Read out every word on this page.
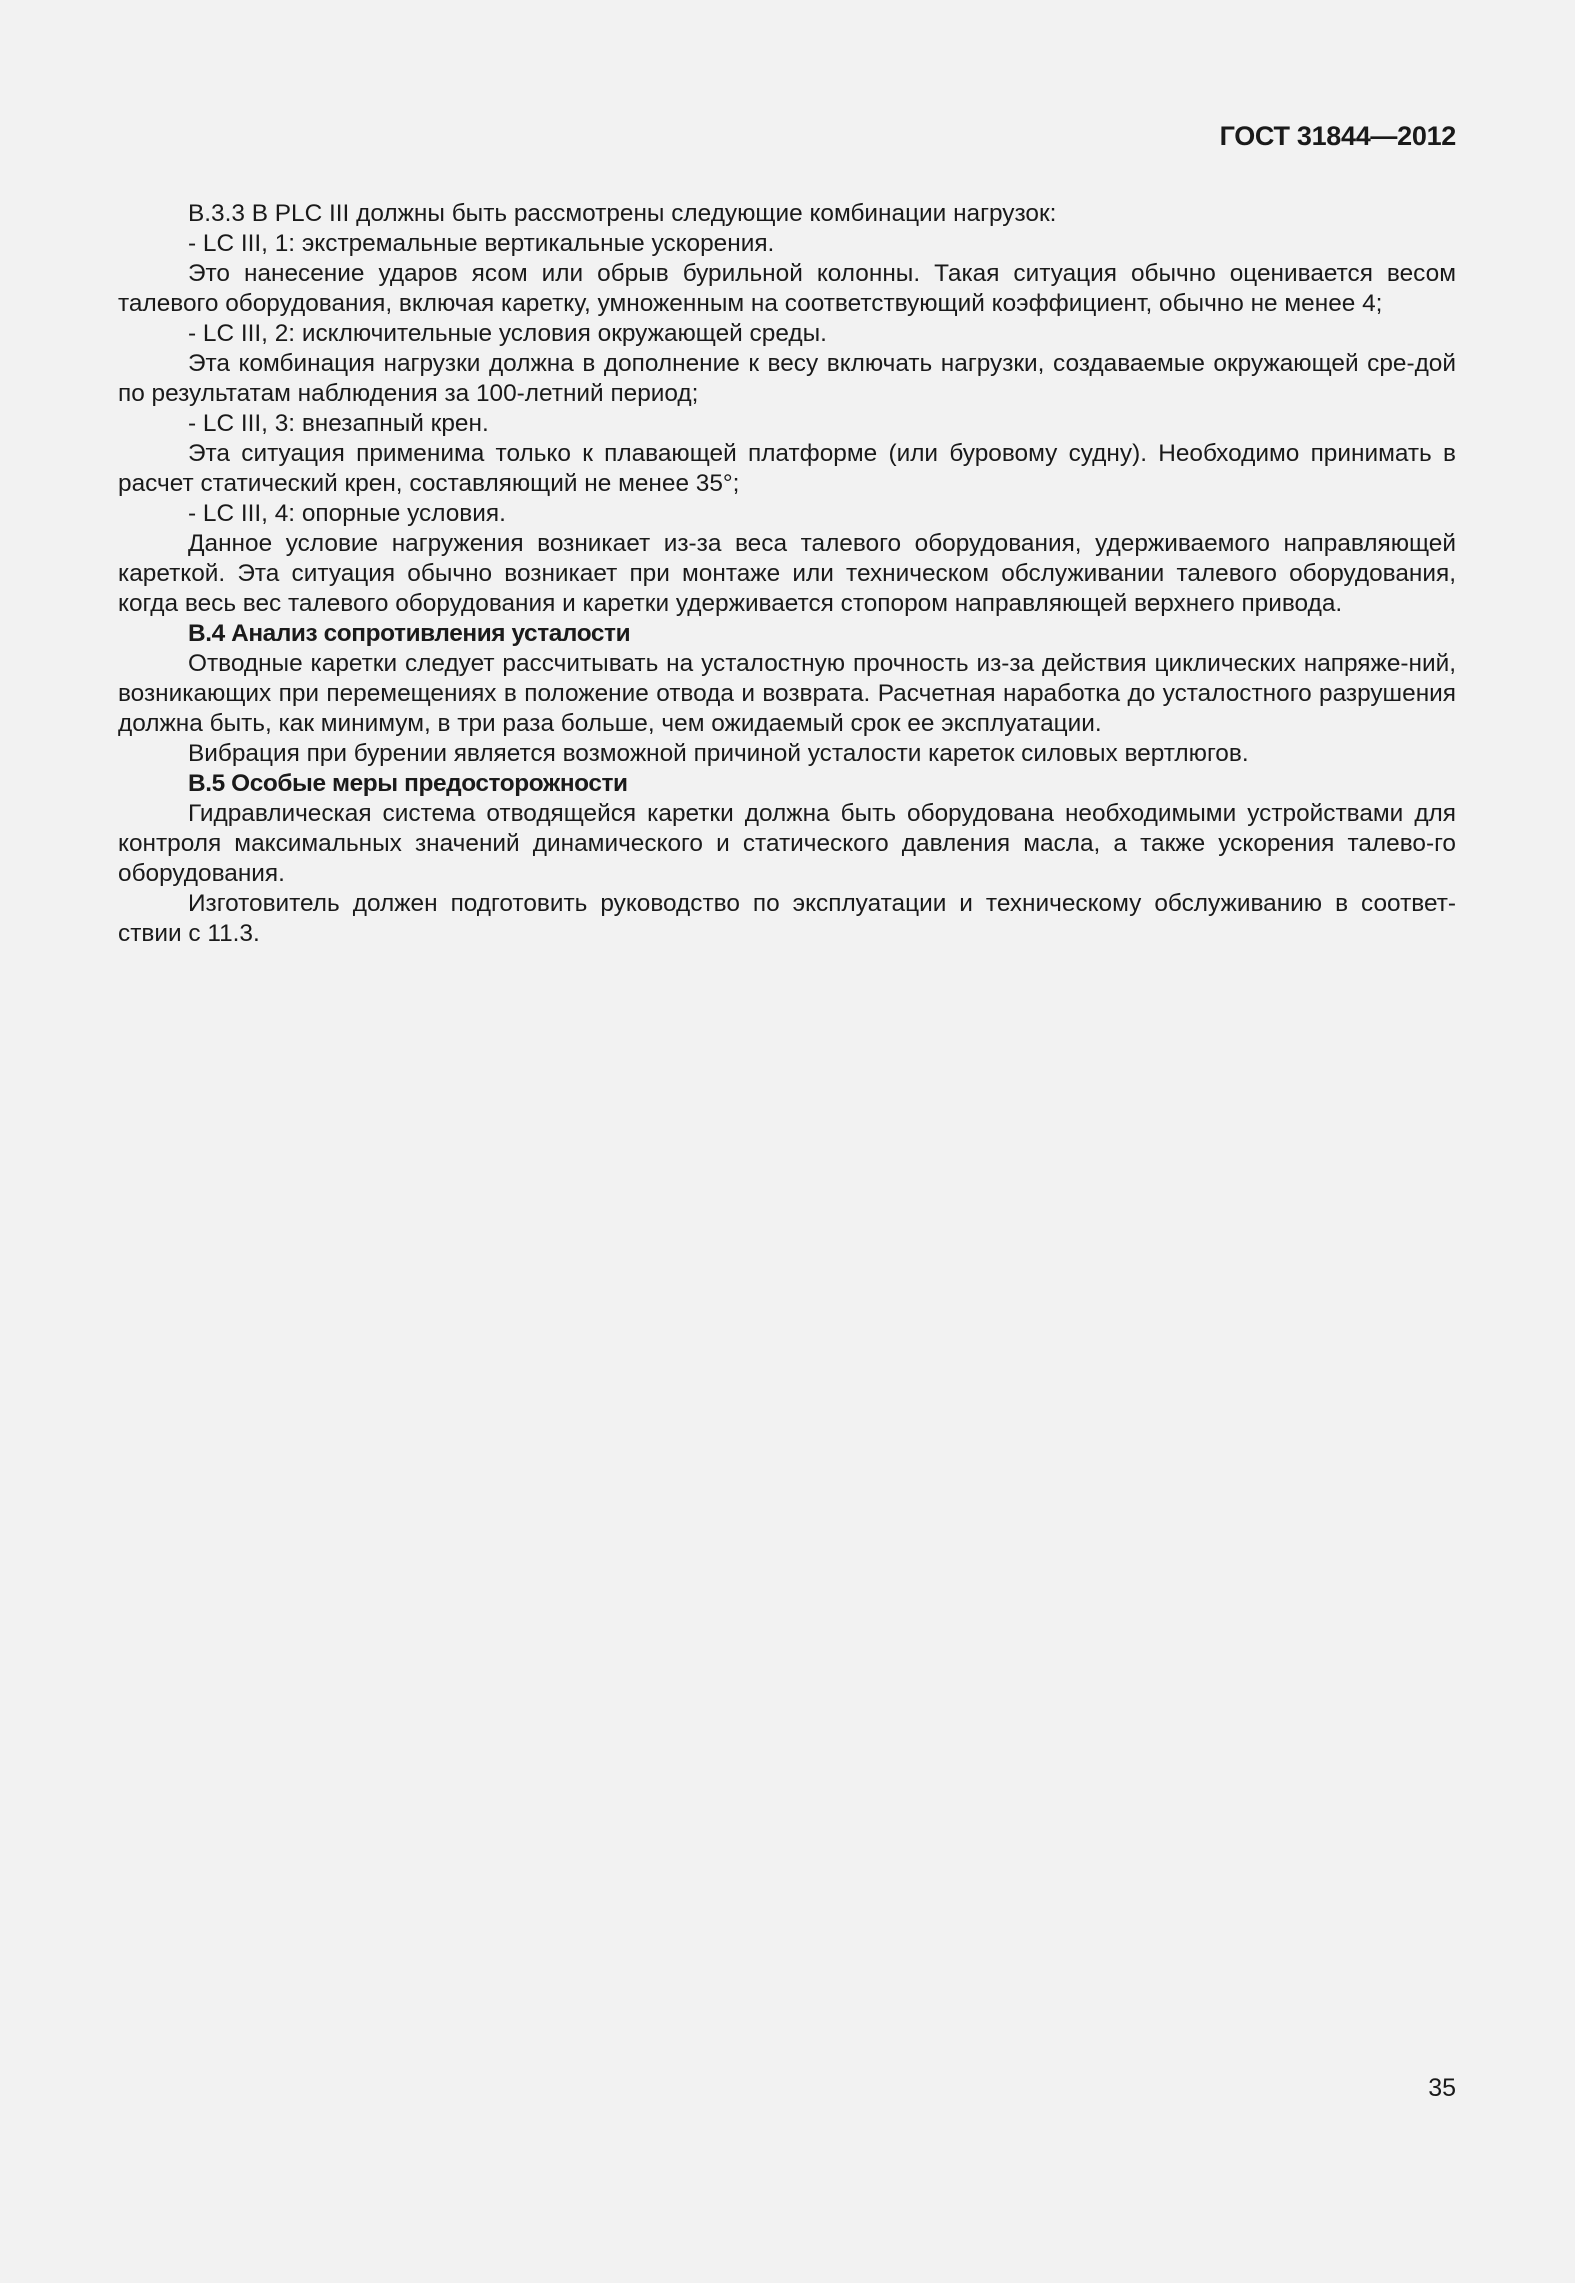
ГОСТ 31844—2012

B.3.3 В PLC III должны быть рассмотрены следующие комбинации нагрузок:

- LC III, 1: экстремальные вертикальные ускорения.

Это нанесение ударов ясом или обрыв бурильной колонны. Такая ситуация обычно оценивается весом талевого оборудования, включая каретку, умноженным на соответствующий коэффициент, обычно не менее 4;

- LC III, 2: исключительные условия окружающей среды.

Эта комбинация нагрузки должна в дополнение к весу включать нагрузки, создаваемые окружающей сре-дой по результатам наблюдения за 100-летний период;

- LC III, 3: внезапный крен.

Эта ситуация применима только к плавающей платформе (или буровому судну). Необходимо принимать в расчет статический крен, составляющий не менее 35°;

- LC III, 4: опорные условия.

Данное условие нагружения возникает из-за веса талевого оборудования, удерживаемого направляющей кареткой. Эта ситуация обычно возникает при монтаже или техническом обслуживании талевого оборудования, когда весь вес талевого оборудования и каретки удерживается стопором направляющей верхнего привода.

B.4 Анализ сопротивления усталости

Отводные каретки следует рассчитывать на усталостную прочность из-за действия циклических напряже-ний, возникающих при перемещениях в положение отвода и возврата. Расчетная наработка до усталостного разрушения должна быть, как минимум, в три раза больше, чем ожидаемый срок ее эксплуатации.

Вибрация при бурении является возможной причиной усталости кареток силовых вертлюгов.

B.5 Особые меры предосторожности

Гидравлическая система отводящейся каретки должна быть оборудована необходимыми устройствами для контроля максимальных значений динамического и статического давления масла, а также ускорения талево-го оборудования.

Изготовитель должен подготовить руководство по эксплуатации и техническому обслуживанию в соответ-ствии с 11.3.

35
